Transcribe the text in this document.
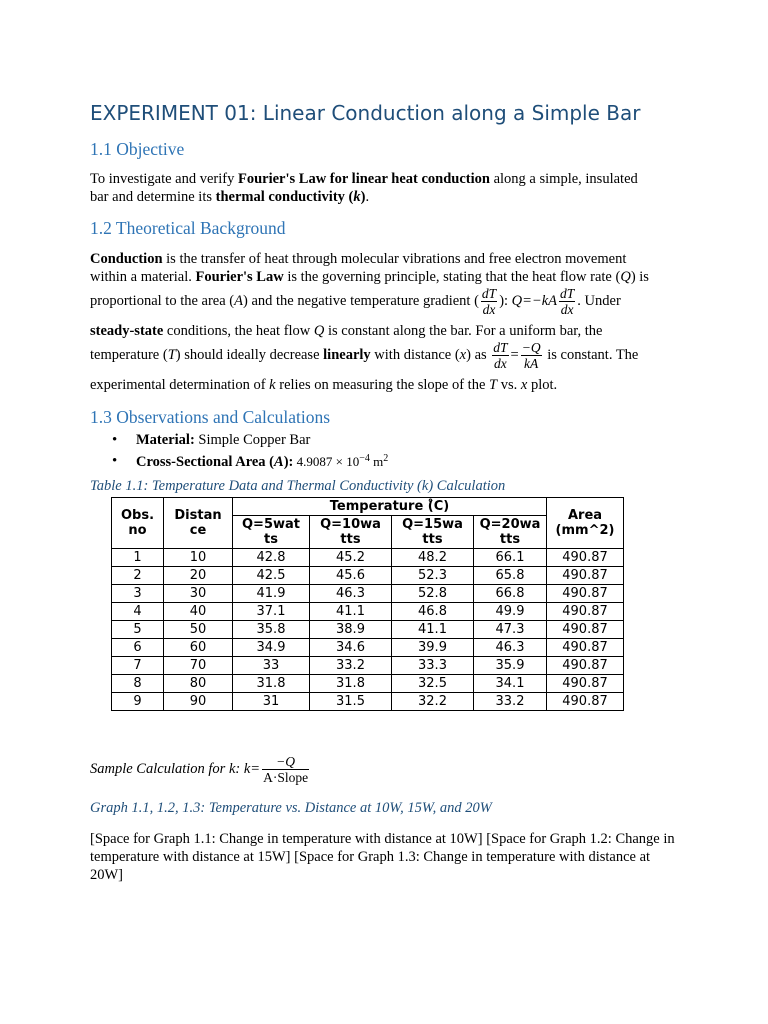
EXPERIMENT 01: Linear Conduction along a Simple Bar
1.1 Objective
To investigate and verify Fourier's Law for linear heat conduction along a simple, insulated
bar and determine its thermal conductivity (k).
1.2 Theoretical Background
Conduction is the transfer of heat through molecular vibrations and free electron movement
within a material. Fourier's Law is the governing principle, stating that the heat flow rate (Q) is
proportional to the area (A) and the negative temperature gradient ( $\frac{dT}{dx}$ ): $Q=-kA \frac{dT}{dx}$ . Under
steady-state conditions, the heat flow Q is constant along the bar. For a uniform bar, the
temperature (T) should ideally decrease linearly with distance (x) as $\frac{dT}{dx} = \frac{-Q}{kA}$ is constant. The
experimental determination of k relies on measuring the slope of the T vs. x plot.
1.3 Observations and Calculations
• Material: Simple Copper Bar
• Cross-Sectional Area (A): $4.9087 \times 10^{-4}$ $m^2$
Table 1.1: Temperature Data and Thermal Conductivity (k) Calculation
Obs. no	Distan ce	Temperature (̊C)				Area (mm^2)
		Q=5wat ts	Q=10wa tts	Q=15wa tts	Q=20wa tts	
1	10	42.8	45.2	48.2	66.1	490.87
2	20	42.5	45.6	52.3	65.8	490.87
3	30	41.9	46.3	52.8	66.8	490.87
4	40	37.1	41.1	46.8	49.9	490.87
5	50	35.8	38.9	41.1	47.3	490.87
6	60	34.9	34.6	39.9	46.3	490.87
7	70	33	33.2	33.3	35.9	490.87
8	80	31.8	31.8	32.5	34.1	490.87
9	90	31	31.5	32.2	33.2	490.87
Sample Calculation for k: $k= \frac{-Q}{\text{A·Slope}}$
Graph 1.1, 1.2, 1.3: Temperature vs. Distance at 10W, 15W, and 20W
[Space for Graph 1.1: Change in temperature with distance at 10W] [Space for Graph 1.2: Change in temperature with distance at 15W] [Space for Graph 1.3: Change in temperature with distance at 20W]
